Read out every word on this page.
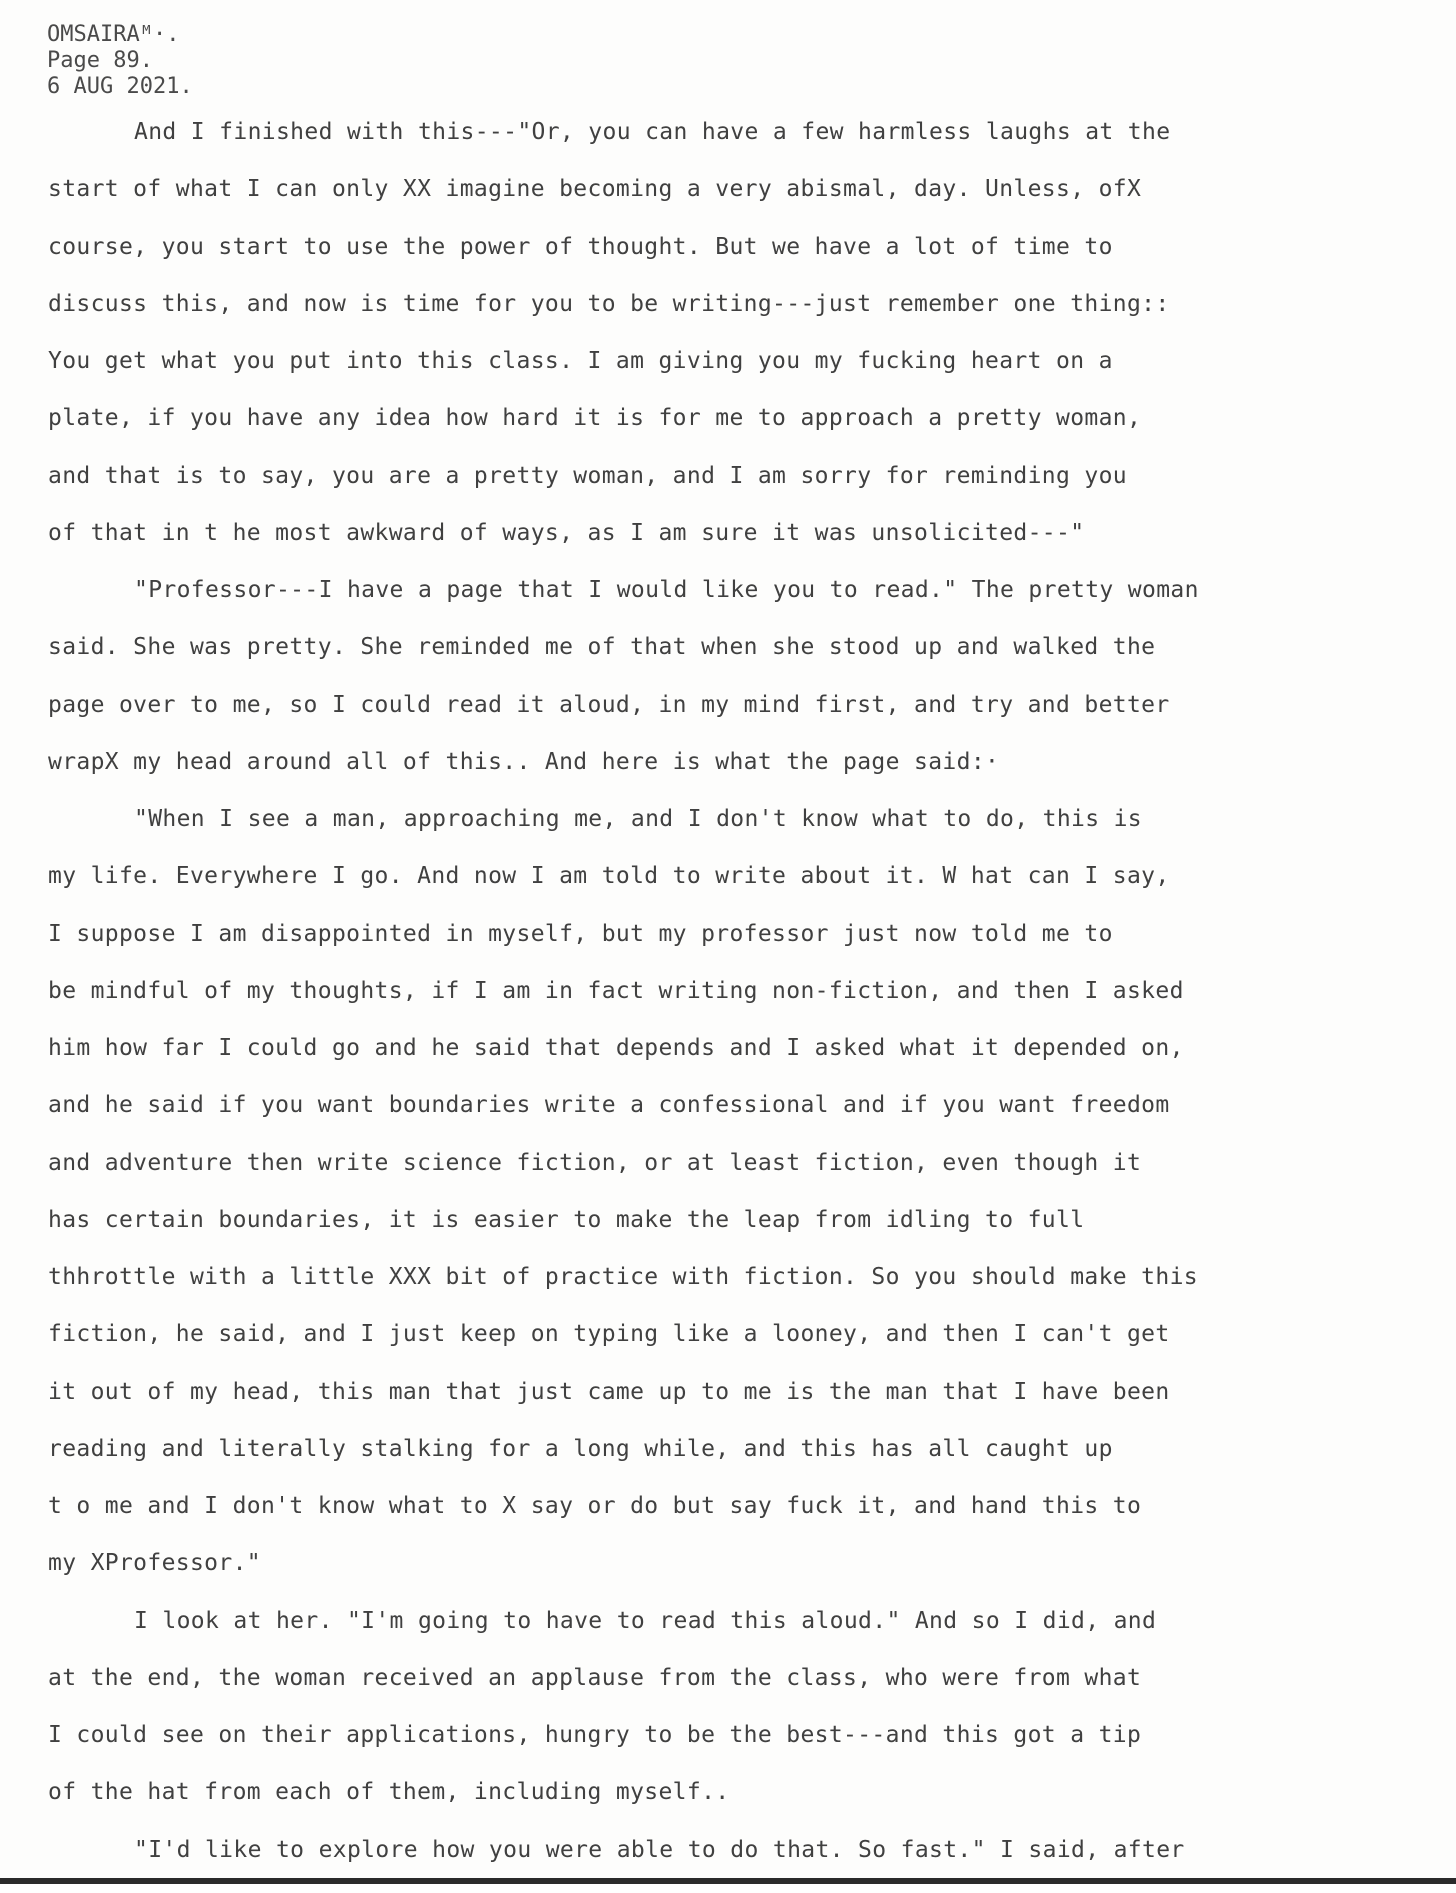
OMSAIRAᴹ·.
Page 89.
6 AUG 2021.
And I finished with this---"Or, you can have a few harmless laughs at the
start of what I can only XX imagine becoming a very abismal, day. Unless, ofX
course, you start to use the power of thought. But we have a lot of time to
discuss this, and now is time for you to be writing---just remember one thing::
You get what you put into this class. I am giving you my fucking heart on a
plate, if you have any idea how hard it is for me to approach a pretty woman,
and that is to say, you are a pretty woman, and I am sorry for reminding you
of that in t he most awkward of ways, as I am sure it was unsolicited---"
"Professor---I have a page that I would like you to read." The pretty woman
said. She was pretty. She reminded me of that when she stood up and walked the
page over to me, so I could read it aloud, in my mind first, and try and better
wrapX my head around all of this.. And here is what the page said:·
"When I see a man, approaching me, and I don't know what to do, this is
my life. Everywhere I go. And now I am told to write about it. W hat can I say,
I suppose I am disappointed in myself, but my professor just now told me to
be mindful of my thoughts, if I am in fact writing non-fiction, and then I asked
him how far I could go and he said that depends and I asked what it depended on,
and he said if you want boundaries write a confessional and if you want freedom
and adventure then write science fiction, or at least fiction, even though it
has certain boundaries, it is easier to make the leap from idling to full
thhrottle with a little XXX bit of practice with fiction. So you should make this
fiction, he said, and I just keep on typing like a looney, and then I can't get
it out of my head, this man that just came up to me is the man that I have been
reading and literally stalking for a long while, and this has all caught up
t o me and I don't know what to X say or do but say fuck it, and hand this to
my XProfessor."
I look at her. "I'm going to have to read this aloud." And so I did, and
at the end, the woman received an applause from the class, who were from what
I could see on their applications, hungry to be the best---and this got a tip
of the hat from each of them, including myself..
"I'd like to explore how you were able to do that. So fast." I said, after
